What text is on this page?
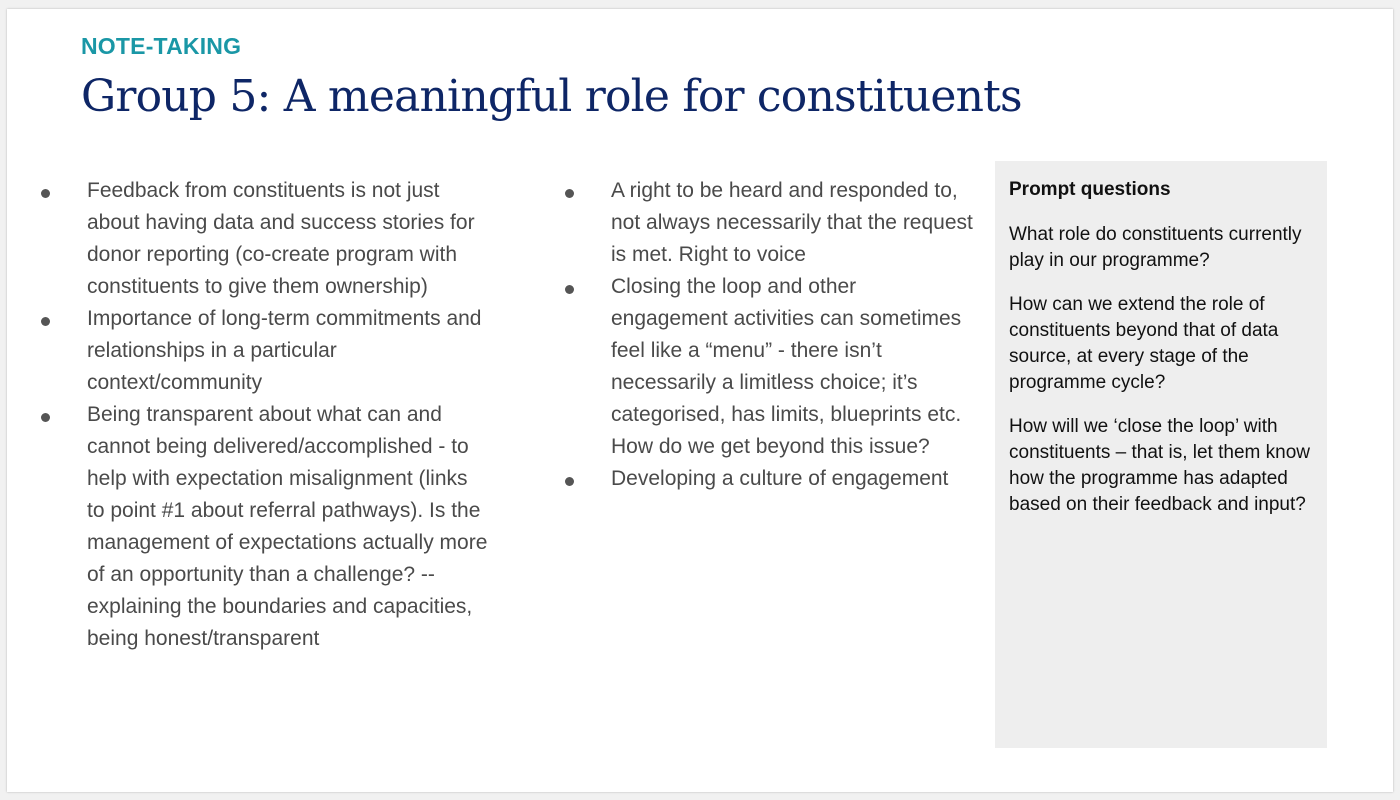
NOTE-TAKING
Group 5: A meaningful role for constituents
Feedback from constituents is not just about having data and success stories for donor reporting (co-create program with constituents to give them ownership)
Importance of long-term commitments and relationships in a particular context/community
Being transparent about what can and cannot being delivered/accomplished - to help with expectation misalignment (links to point #1 about referral pathways). Is the management of expectations actually more of an opportunity than a challenge? -- explaining the boundaries and capacities, being honest/transparent
A right to be heard and responded to, not always necessarily that the request is met. Right to voice
Closing the loop and other engagement activities can sometimes feel like a “menu” - there isn’t necessarily a limitless choice; it’s categorised, has limits, blueprints etc. How do we get beyond this issue?
Developing a culture of engagement

Prompt questions

What role do constituents currently play in our programme?

How can we extend the role of constituents beyond that of data source, at every stage of the programme cycle?

How will we ‘close the loop’ with constituents – that is, let them know how the programme has adapted based on their feedback and input?
